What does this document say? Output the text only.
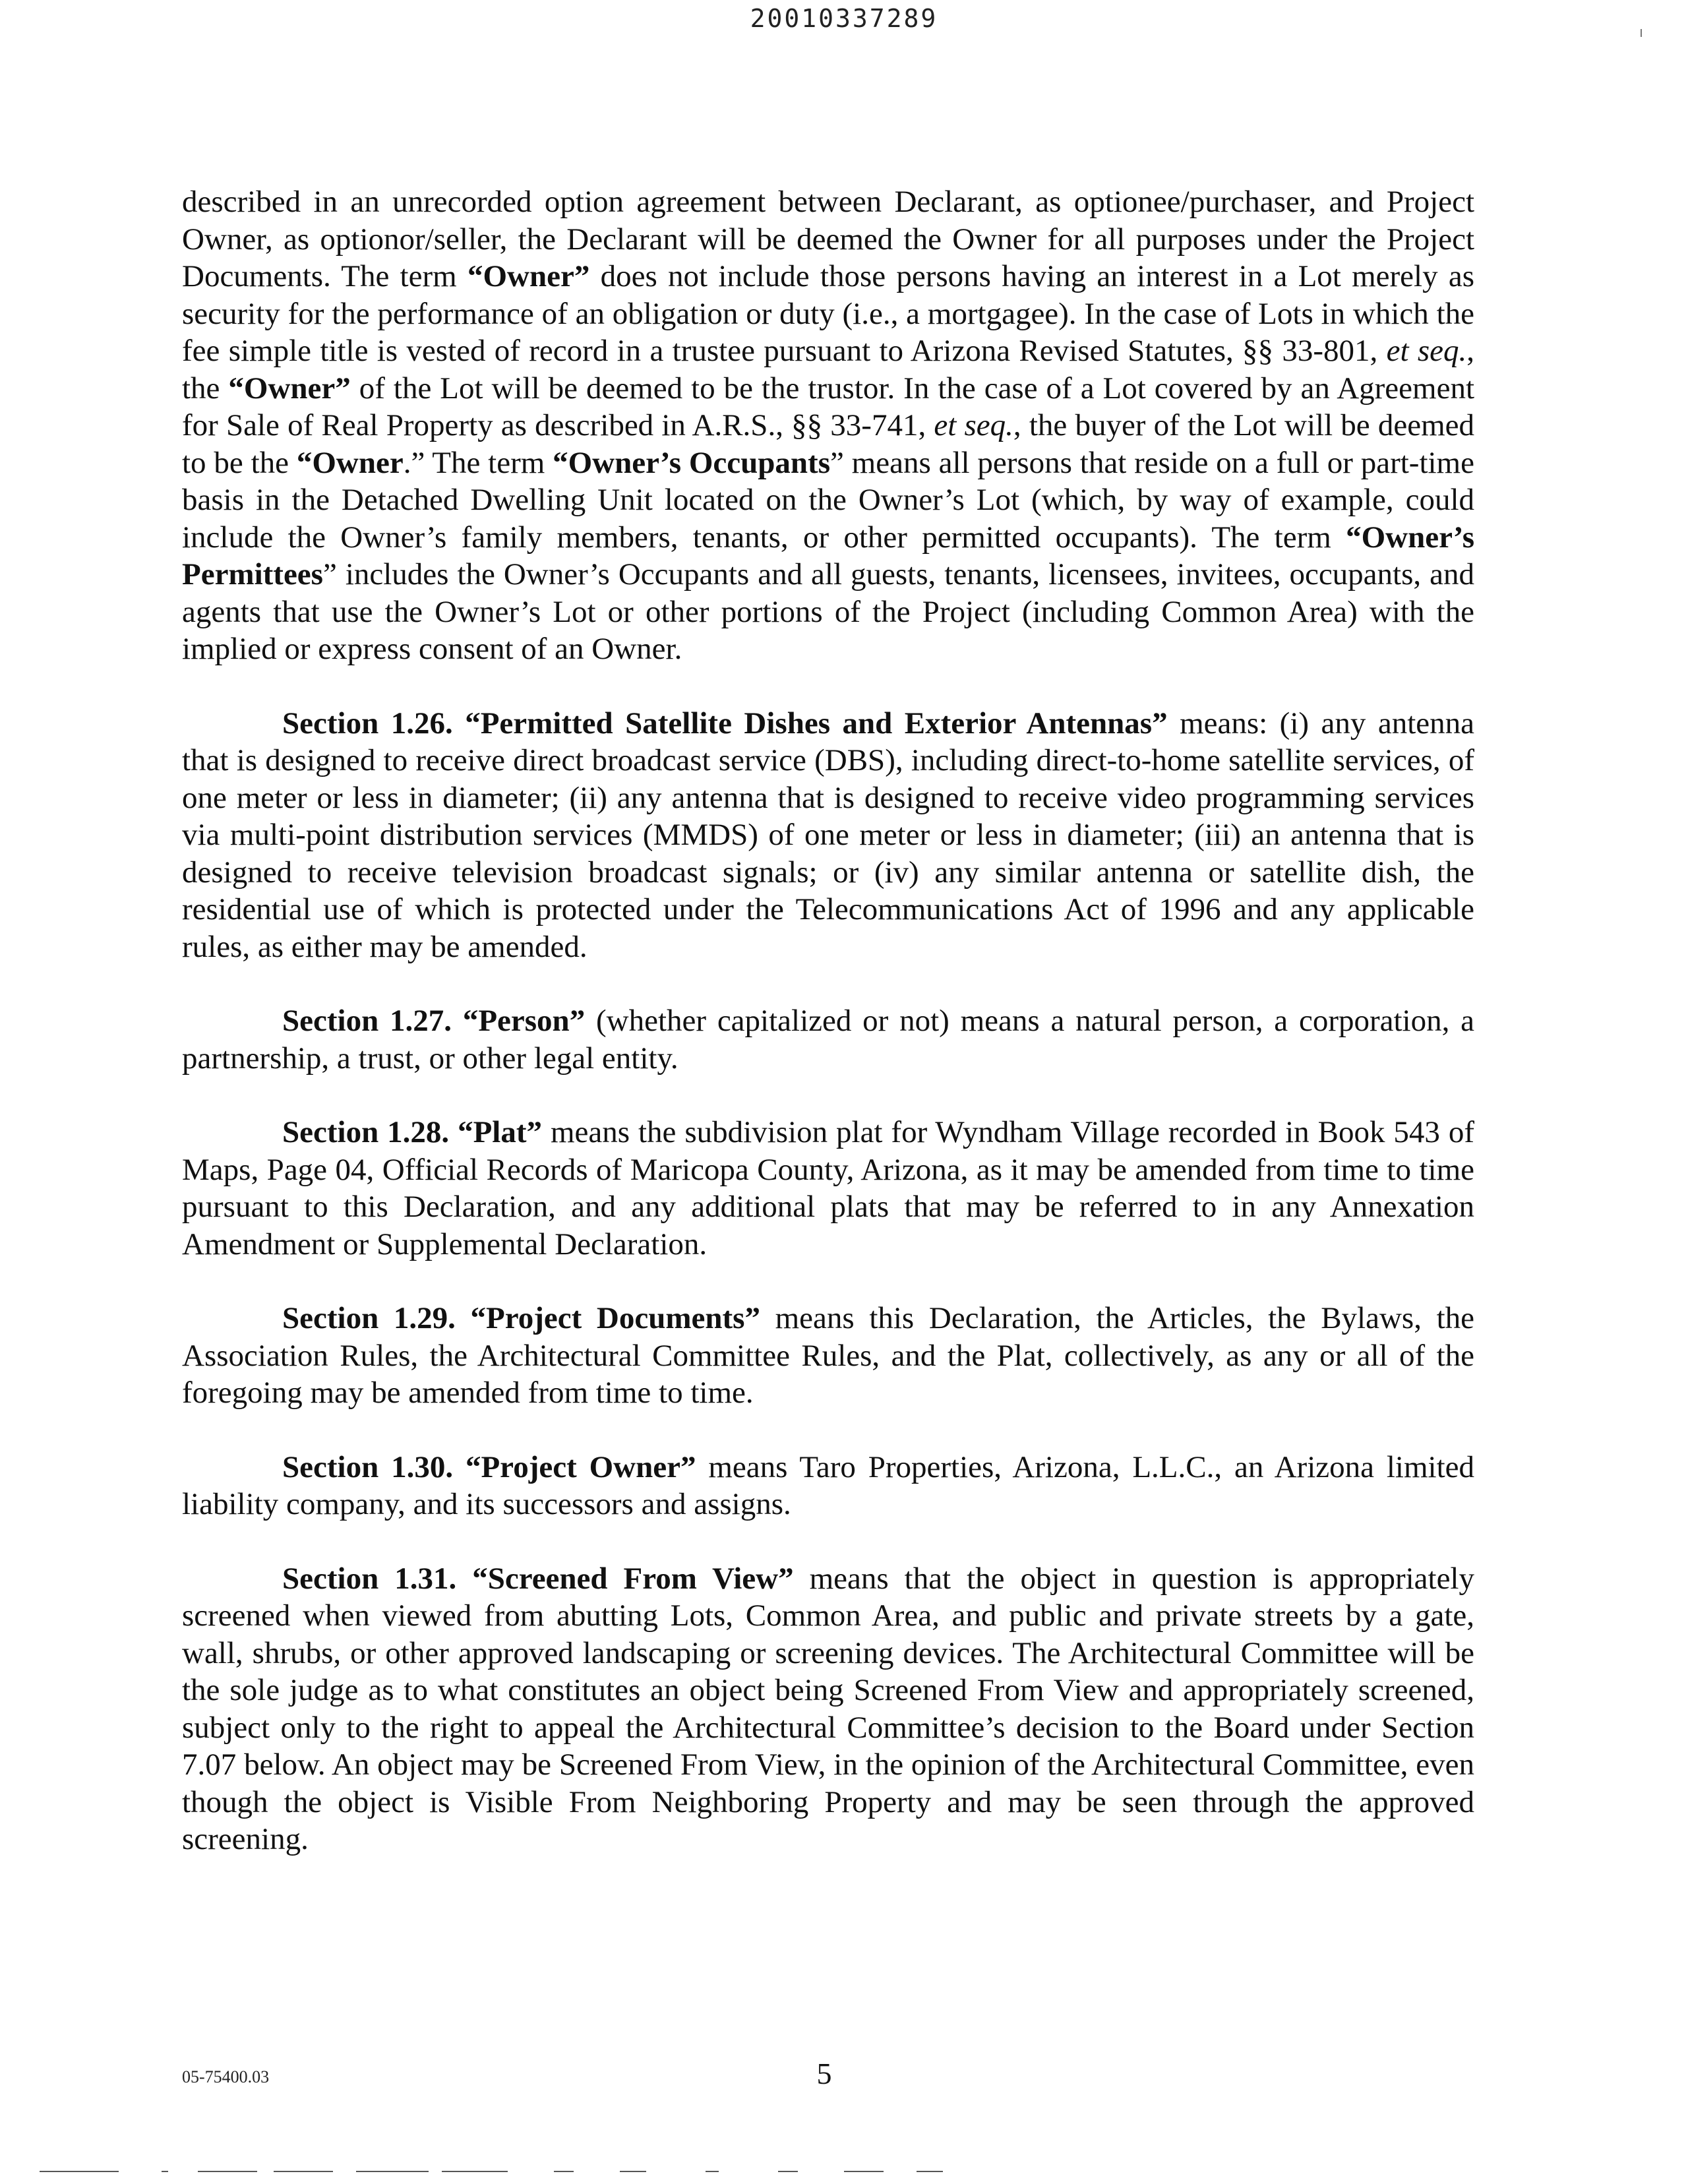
20010337289

described in an unrecorded option agreement between Declarant, as optionee/purchaser, and Project Owner, as optionor/seller, the Declarant will be deemed the Owner for all purposes under the Project Documents. The term “Owner” does not include those persons having an interest in a Lot merely as security for the performance of an obligation or duty (i.e., a mortgagee). In the case of Lots in which the fee simple title is vested of record in a trustee pursuant to Arizona Revised Statutes, §§ 33-801, et seq., the “Owner” of the Lot will be deemed to be the trustor. In the case of a Lot covered by an Agreement for Sale of Real Property as described in A.R.S., §§ 33-741, et seq., the buyer of the Lot will be deemed to be the “Owner.” The term “Owner’s Occupants” means all persons that reside on a full or part-time basis in the Detached Dwelling Unit located on the Owner’s Lot (which, by way of example, could include the Owner’s family members, tenants, or other permitted occupants). The term “Owner’s Permittees” includes the Owner’s Occupants and all guests, tenants, licensees, invitees, occupants, and agents that use the Owner’s Lot or other portions of the Project (including Common Area) with the implied or express consent of an Owner.

Section 1.26. “Permitted Satellite Dishes and Exterior Antennas” means: (i) any antenna that is designed to receive direct broadcast service (DBS), including direct-to-home satellite services, of one meter or less in diameter; (ii) any antenna that is designed to receive video programming services via multi-point distribution services (MMDS) of one meter or less in diameter; (iii) an antenna that is designed to receive television broadcast signals; or (iv) any similar antenna or satellite dish, the residential use of which is protected under the Telecommunications Act of 1996 and any applicable rules, as either may be amended.

Section 1.27. “Person” (whether capitalized or not) means a natural person, a corporation, a partnership, a trust, or other legal entity.

Section 1.28. “Plat” means the subdivision plat for Wyndham Village recorded in Book 543 of Maps, Page 04, Official Records of Maricopa County, Arizona, as it may be amended from time to time pursuant to this Declaration, and any additional plats that may be referred to in any Annexation Amendment or Supplemental Declaration.

Section 1.29. “Project Documents” means this Declaration, the Articles, the Bylaws, the Association Rules, the Architectural Committee Rules, and the Plat, collectively, as any or all of the foregoing may be amended from time to time.

Section 1.30. “Project Owner” means Taro Properties, Arizona, L.L.C., an Arizona limited liability company, and its successors and assigns.

Section 1.31. “Screened From View” means that the object in question is appropriately screened when viewed from abutting Lots, Common Area, and public and private streets by a gate, wall, shrubs, or other approved landscaping or screening devices. The Architectural Committee will be the sole judge as to what constitutes an object being Screened From View and appropriately screened, subject only to the right to appeal the Architectural Committee’s decision to the Board under Section 7.07 below. An object may be Screened From View, in the opinion of the Architectural Committee, even though the object is Visible From Neighboring Property and may be seen through the approved screening.

05-75400.03	5
